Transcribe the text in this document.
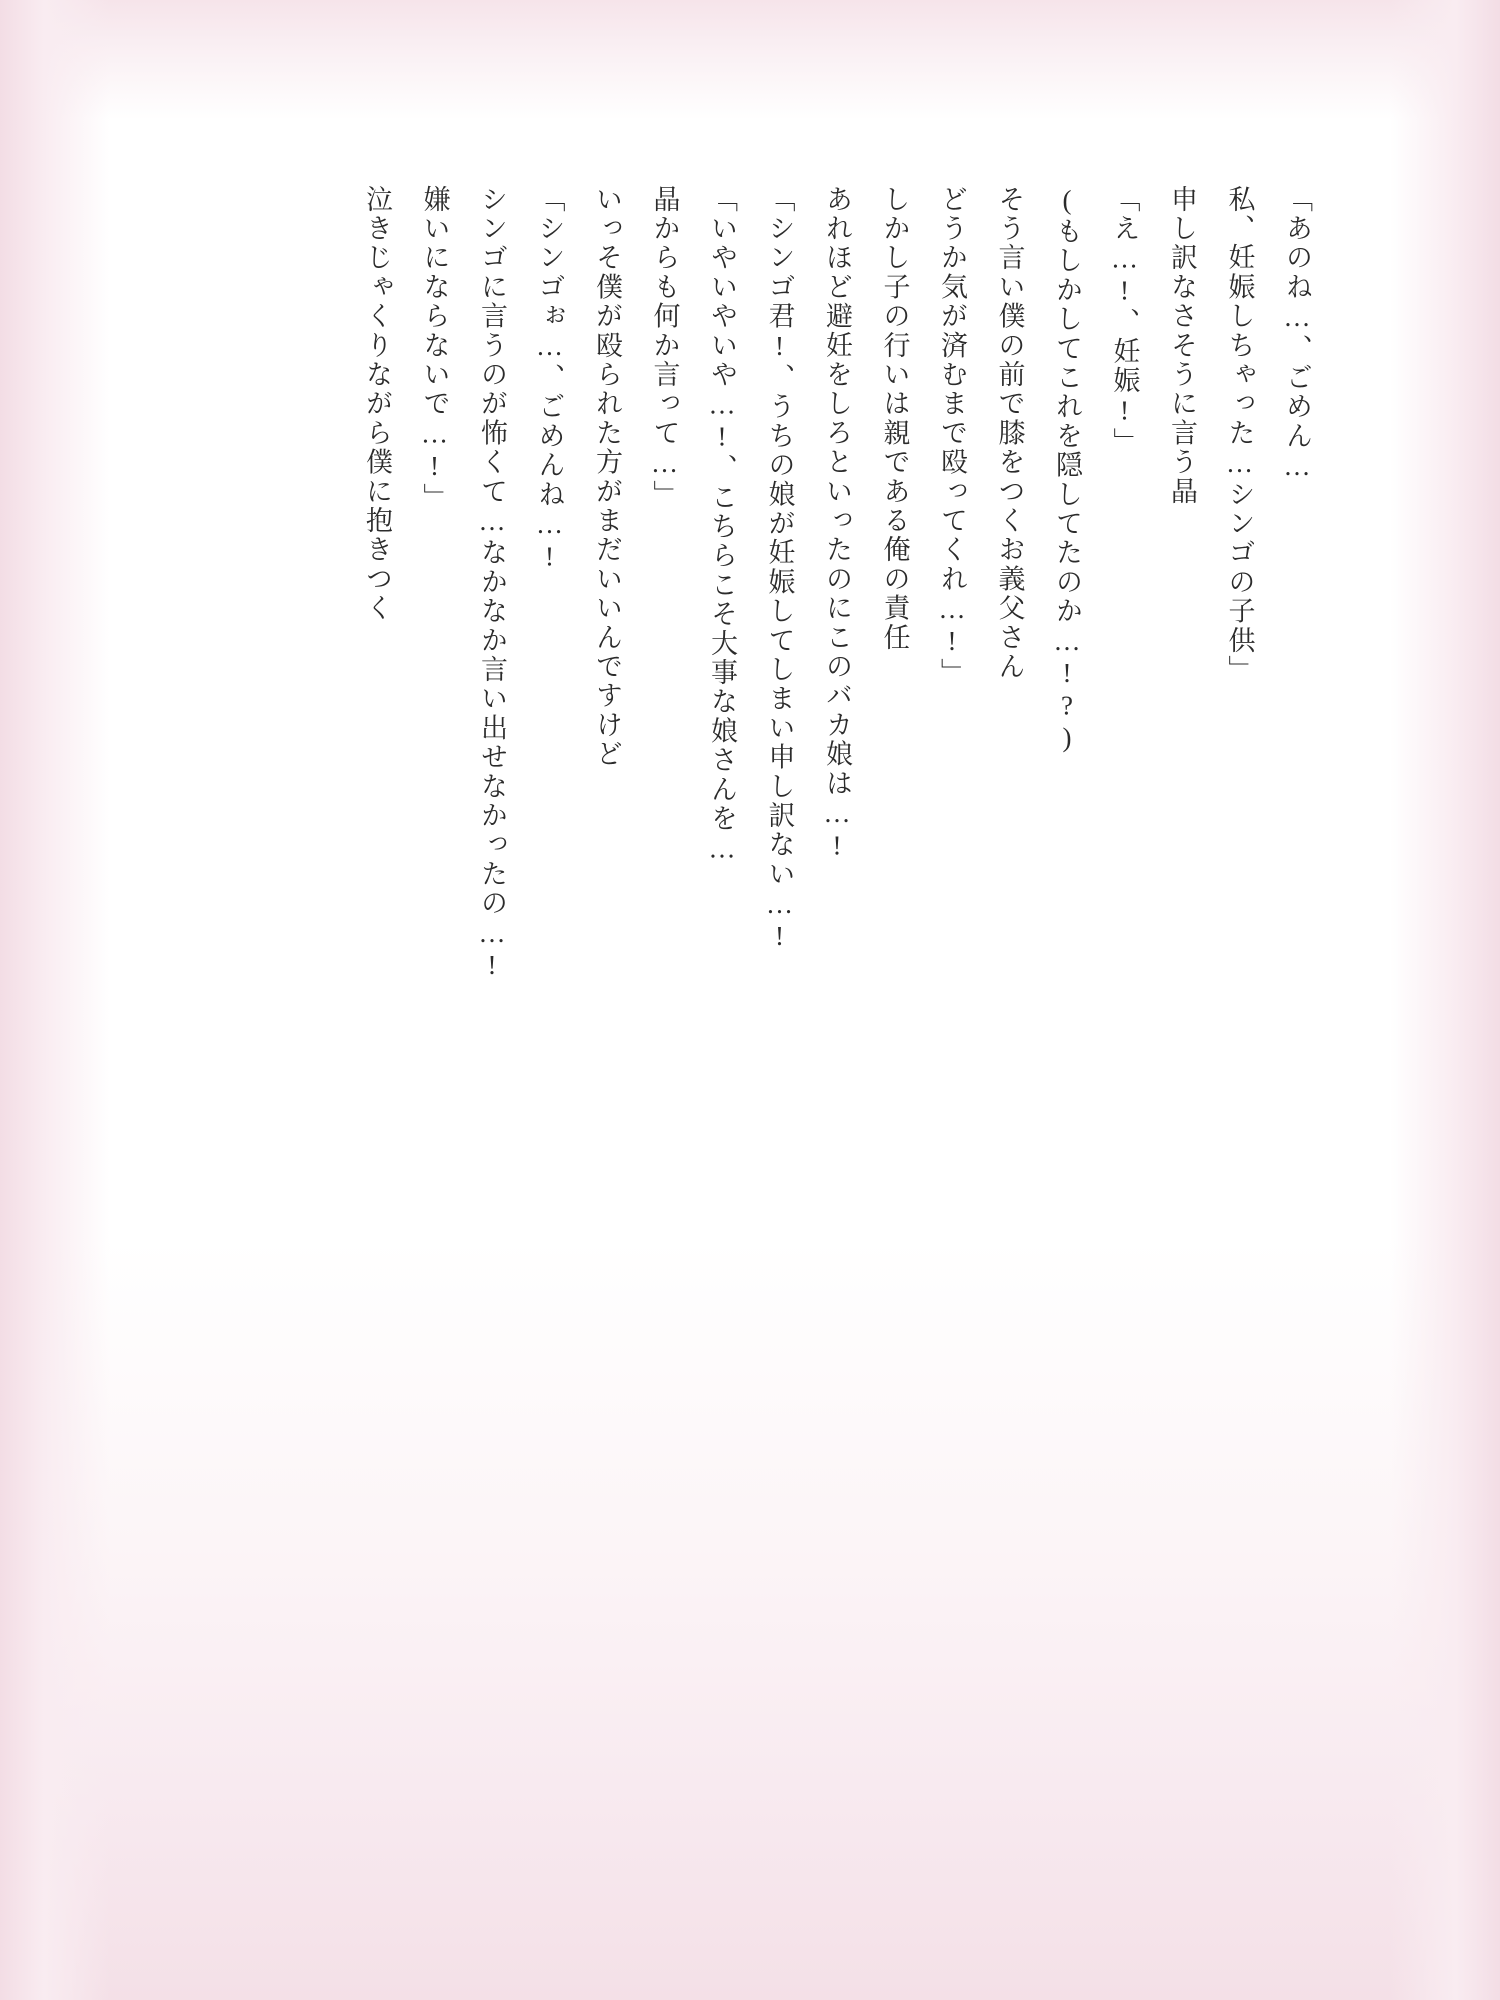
「あのね…、ごめん…
私、妊娠しちゃった…シンゴの子供」
申し訳なさそうに言う晶
「え…!、妊娠!」
(もしかしてこれを隠してたのか…!?)
そう言い僕の前で膝をつくお義父さん
どうか気が済むまで殴ってくれ…!」
しかし子の行いは親である俺の責任
あれほど避妊をしろといったのにこのバカ娘は…!
「シンゴ君!、うちの娘が妊娠してしまい申し訳ない…!
「いやいやいや…!、こちらこそ大事な娘さんを…
晶からも何か言って…」
いっそ僕が殴られた方がまだいいんですけど
「シンゴぉ…、ごめんね…!
シンゴに言うのが怖くて…なかなか言い出せなかったの…!
嫌いにならないで…!」
泣きじゃくりながら僕に抱きつく
